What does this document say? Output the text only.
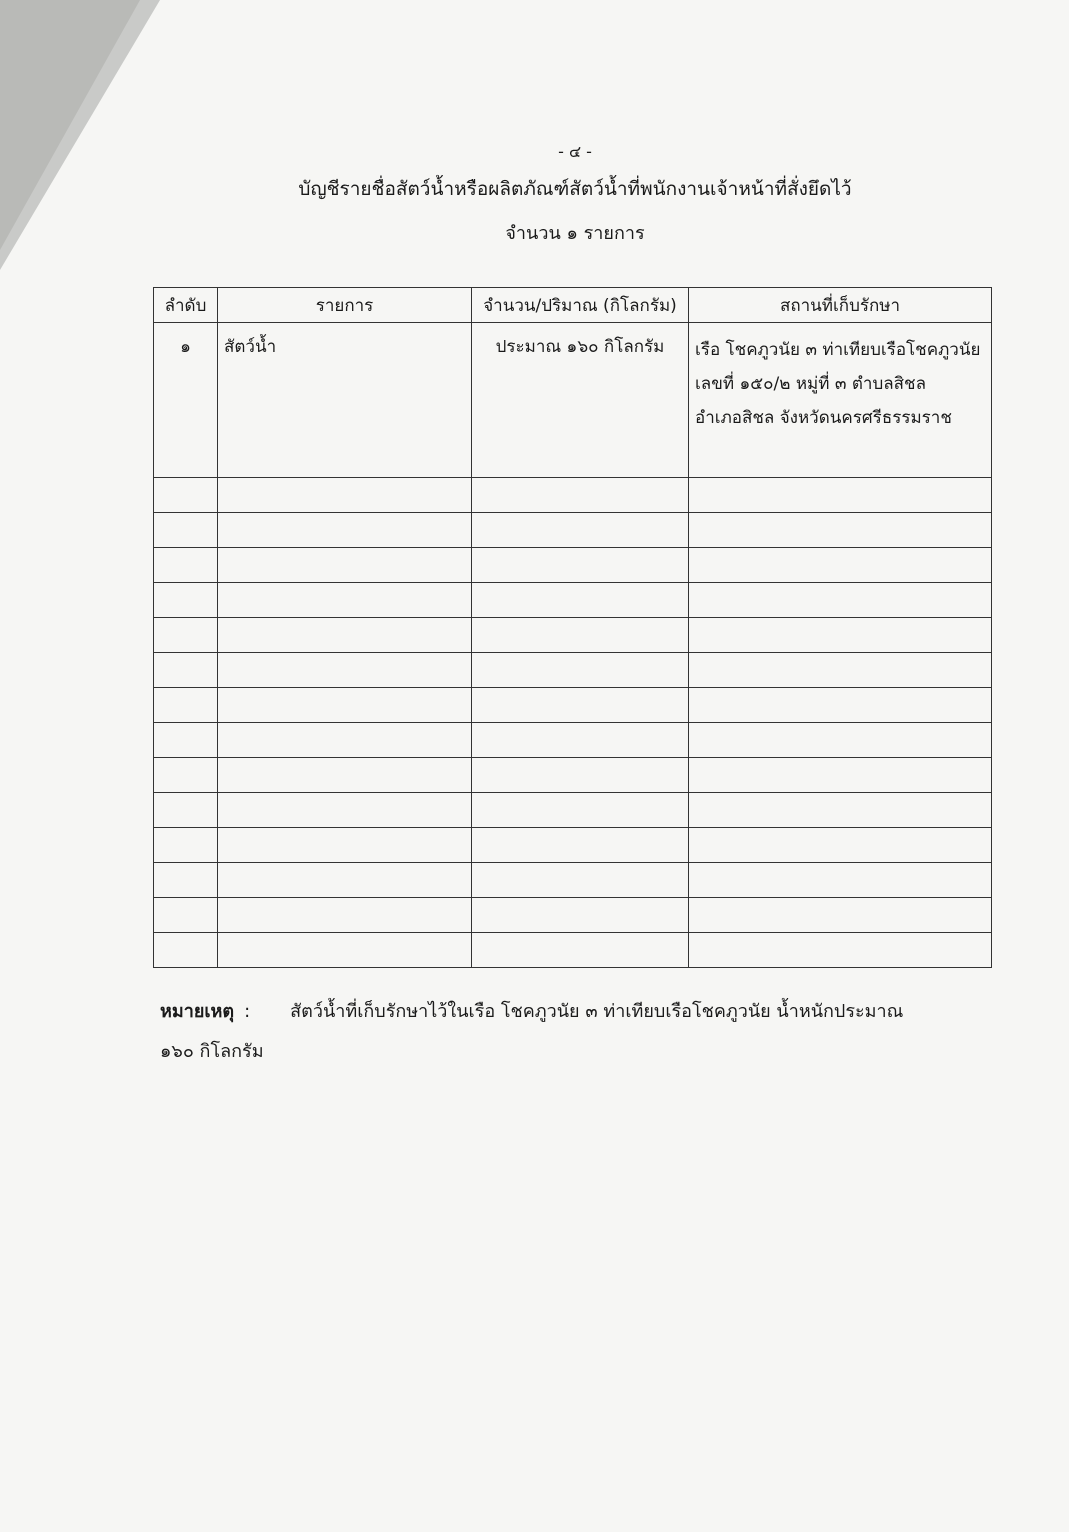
- ๔ -
บัญชีรายชื่อสัตว์น้ำหรือผลิตภัณฑ์สัตว์น้ำที่พนักงานเจ้าหน้าที่สั่งยึดไว้
จำนวน ๑ รายการ
ลำดับ	รายการ	จำนวน/ปริมาณ (กิโลกรัม)	สถานที่เก็บรักษา
๑	สัตว์น้ำ	ประมาณ ๑๖๐ กิโลกรัม	เรือ โชคภูวนัย ๓ ท่าเทียบเรือโชคภูวนัย
เลขที่ ๑๕๐/๒ หมู่ที่ ๓ ตำบลสิชล
อำเภอสิชล จังหวัดนครศรีธรรมราช

หมายเหตุ : สัตว์น้ำที่เก็บรักษาไว้ในเรือ โชคภูวนัย ๓ ท่าเทียบเรือโชคภูวนัย น้ำหนักประมาณ
๑๖๐ กิโลกรัม
